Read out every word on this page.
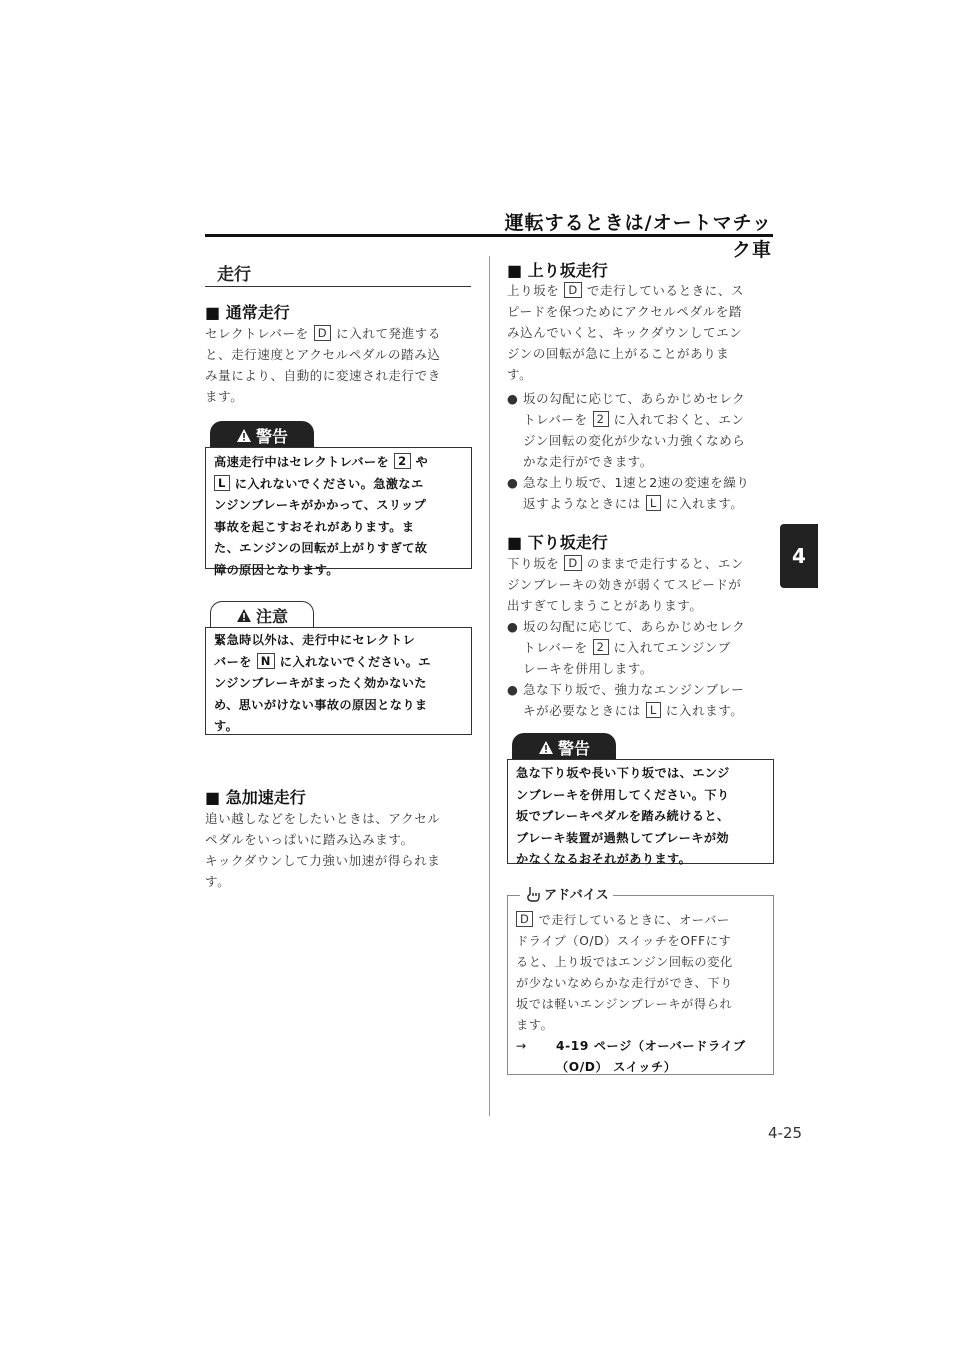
運転するときは/オートマチック車
4
走行
■ 通常走行
セレクトレバーを D に入れて発進する
と、走行速度とアクセルペダルの踏み込
み量により、自動的に変速され走行でき
ます。
警告
高速走行中はセレクトレバーを 2 や
L に入れないでください。急激なエ
ンジンブレーキがかかって、スリップ
事故を起こすおそれがあります。ま
た、エンジンの回転が上がりすぎて故
障の原因となります。
注意
緊急時以外は、走行中にセレクトレ
バーを N に入れないでください。エ
ンジンブレーキがまったく効かないた
め、思いがけない事故の原因となりま
す。
■ 急加速走行
追い越しなどをしたいときは、アクセル
ペダルをいっぱいに踏み込みます。
キックダウンして力強い加速が得られま
す。
■ 上り坂走行
上り坂を D で走行しているときに、ス
ピードを保つためにアクセルペダルを踏
み込んでいくと、キックダウンしてエン
ジンの回転が急に上がることがありま
す。
● 坂の勾配に応じて、あらかじめセレク
トレバーを 2 に入れておくと、エン
ジン回転の変化が少ない力強くなめら
かな走行ができます。
● 急な上り坂で、1速と2速の変速を繰り
返すようなときには L に入れます。
■ 下り坂走行
下り坂を D のままで走行すると、エン
ジンブレーキの効きが弱くてスピードが
出すぎてしまうことがあります。
● 坂の勾配に応じて、あらかじめセレク
トレバーを 2 に入れてエンジンブ
レーキを併用します。
● 急な下り坂で、強力なエンジンブレー
キが必要なときには L に入れます。
警告
急な下り坂や長い下り坂では、エンジ
ンブレーキを併用してください。下り
坂でブレーキペダルを踏み続けると、
ブレーキ装置が過熱してブレーキが効
かなくなるおそれがあります。
D で走行しているときに、オーバー
ドライブ（O/D）スイッチをOFFにす
ると、上り坂ではエンジン回転の変化
が少ないなめらかな走行ができ、下り
坂では軽いエンジンブレーキが得られ
ます。
→ 4-19 ページ（オーバードライブ
（O/D） スイッチ）
アドバイス
4-25
